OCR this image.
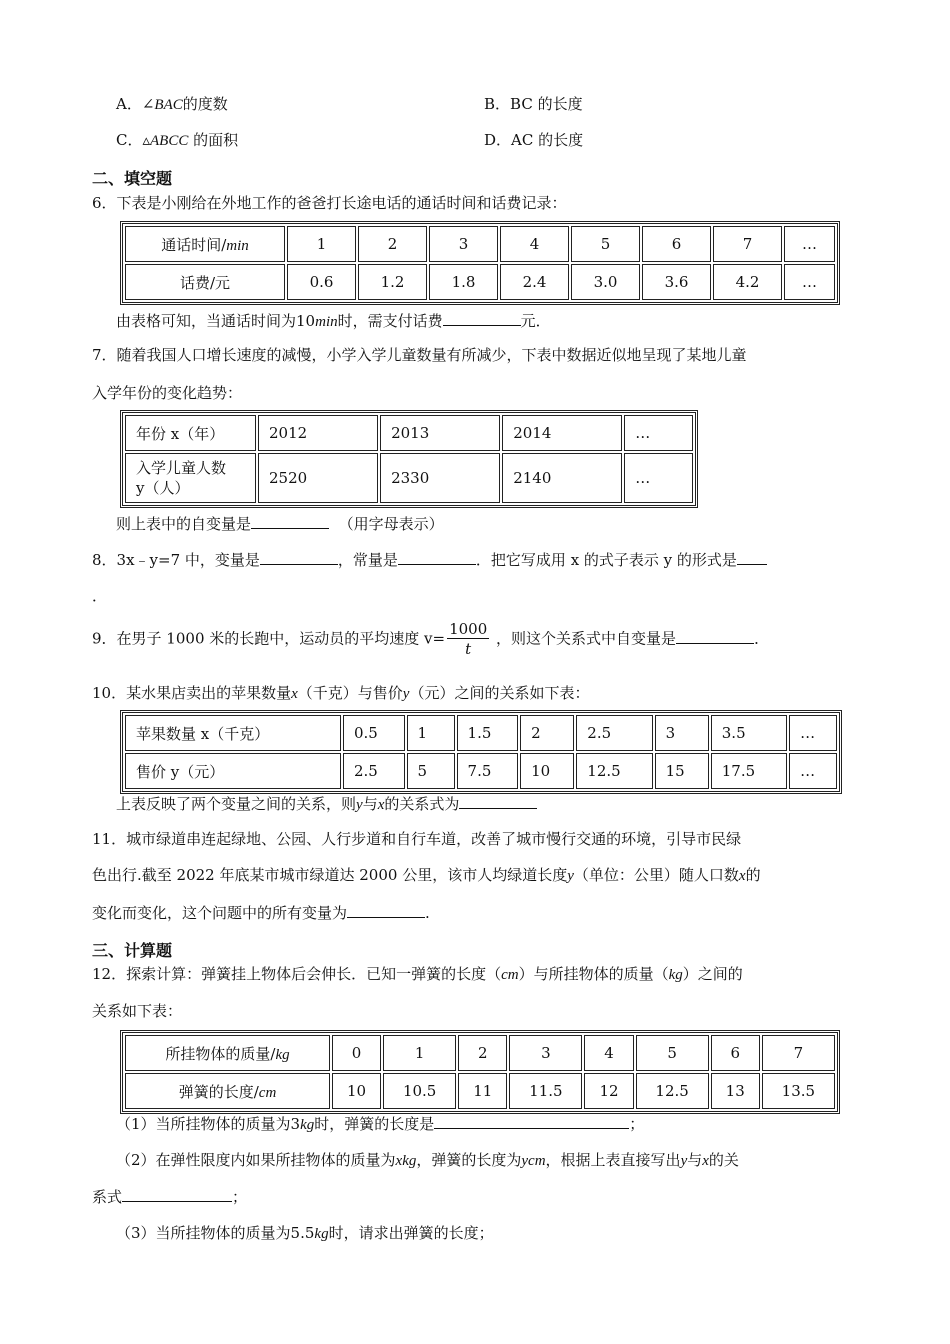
A．∠BAC的度数	B．BC 的长度
C．▵ABCC 的面积	D．AC 的长度
二、填空题
6．下表是小刚给在外地工作的爸爸打长途电话的通话时间和话费记录：
通话时间/min	1	2	3	4	5	6	7	…
话费/元	0.6	1.2	1.8	2.4	3.0	3.6	4.2	…
由表格可知，当通话时间为10min时，需支付话费	元．
7．随着我国人口增长速度的减慢，小学入学儿童数量有所减少，下表中数据近似地呈现了某地儿童
入学年份的变化趋势：
年份 x（年）	2012	2013	2014	…
入学儿童人数
y（人）	2520	2330	2140	…
则上表中的自变量是	（用字母表示）
8．3x﹣y=7 中，变量是	，常量是	．把它写成用 x 的式子表示 y 的形式是
．
9．在男子 1000 米的长跑中，运动员的平均速度 $v= \frac{1000}{t}$ ，则这个关系式中自变量是	．
10．某水果店卖出的苹果数量x（千克）与售价y（元）之间的关系如下表：
苹果数量 x（千克）	0.5	1	1.5	2	2.5	3	3.5	…
售价 y（元）	2.5	5	7.5	10	12.5	15	17.5	…
上表反映了两个变量之间的关系，则y与x的关系式为
11．城市绿道串连起绿地、公园、人行步道和自行车道，改善了城市慢行交通的环境，引导市民绿
色出行.截至 2022 年底某市城市绿道达 2000 公里，该市人均绿道长度y（单位：公里）随人口数x的
变化而变化，这个问题中的所有变量为	.
三、计算题
12．探索计算：弹簧挂上物体后会伸长．已知一弹簧的长度（cm）与所挂物体的质量（kg）之间的
关系如下表：
所挂物体的质量/kg	0	1	2	3	4	5	6	7
弹簧的长度/cm	10	10.5	11	11.5	12	12.5	13	13.5
（1）当所挂物体的质量为3kg时，弹簧的长度是	；
（2）在弹性限度内如果所挂物体的质量为xkg，弹簧的长度为ycm，根据上表直接写出y与x的关
系式	；
（3）当所挂物体的质量为5.5kg时，请求出弹簧的长度；
